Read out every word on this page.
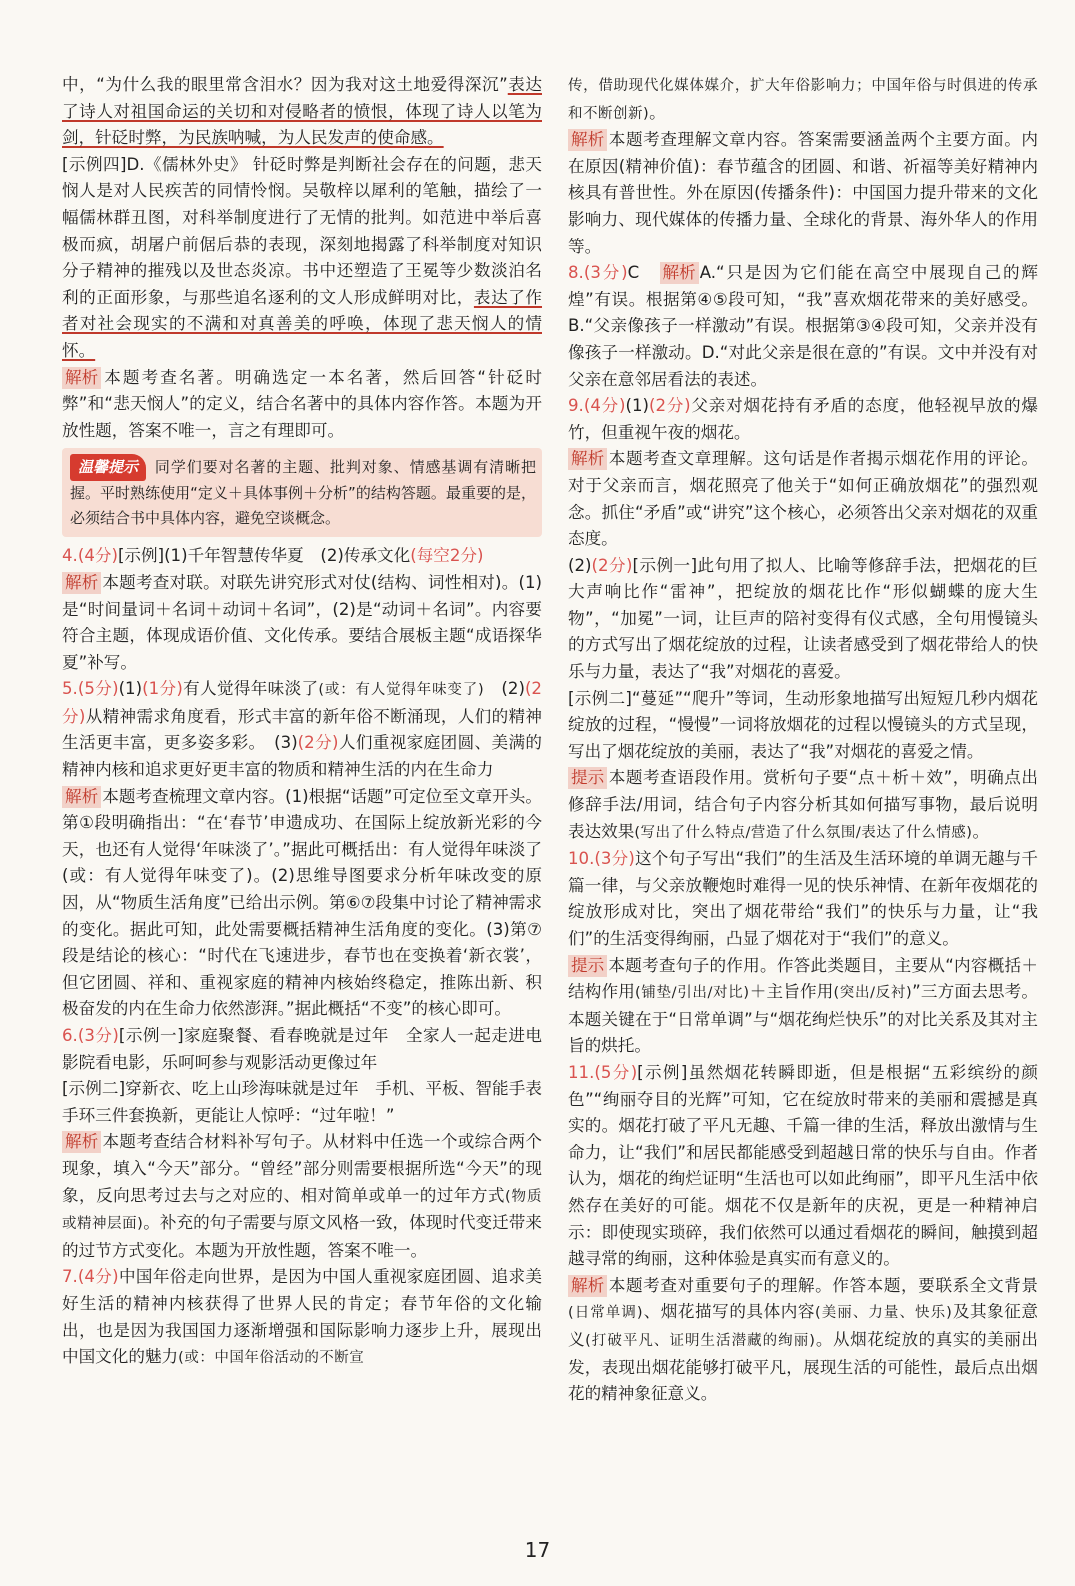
中，“为什么我的眼里常含泪水？因为我对这土地爱得深沉”表达了诗人对祖国命运的关切和对侵略者的愤恨，体现了诗人以笔为剑，针砭时弊，为民族呐喊，为人民发声的使命感。

[示例四]D.《儒林外史》 针砭时弊是判断社会存在的问题，悲天悯人是对人民疾苦的同情怜悯。吴敬梓以犀利的笔触，描绘了一幅儒林群丑图，对科举制度进行了无情的批判。如范进中举后喜极而疯，胡屠户前倨后恭的表现，深刻地揭露了科举制度对知识分子精神的摧残以及世态炎凉。书中还塑造了王冕等少数淡泊名利的正面形象，与那些追名逐利的文人形成鲜明对比，表达了作者对社会现实的不满和对真善美的呼唤，体现了悲天悯人的情怀。

解析 本题考查名著。明确选定一本名著，然后回答“针砭时弊”和“悲天悯人”的定义，结合名著中的具体内容作答。本题为开放性题，答案不唯一，言之有理即可。

温馨提示 同学们要对名著的主题、批判对象、情感基调有清晰把握。平时熟练使用“定义＋具体事例＋分析”的结构答题。最重要的是，必须结合书中具体内容，避免空谈概念。

4.(4分)[示例](1)千年智慧传华夏　(2)传承文化(每空2分)

解析 本题考查对联。对联先讲究形式对仗(结构、词性相对)。(1)是“时间量词＋名词＋动词＋名词”，(2)是“动词＋名词”。内容要符合主题，体现成语价值、文化传承。要结合展板主题“成语探华夏”补写。

5.(5分)(1)(1分)有人觉得年味淡了(或：有人觉得年味变了)　(2)(2分)从精神需求角度看，形式丰富的新年俗不断涌现，人们的精神生活更丰富，更多姿多彩。　(3)(2分)人们重视家庭团圆、美满的精神内核和追求更好更丰富的物质和精神生活的内在生命力

解析 本题考查梳理文章内容。(1)根据“话题”可定位至文章开头。第①段明确指出：“在‘春节’申遗成功、在国际上绽放新光彩的今天，也还有人觉得‘年味淡了’。”据此可概括出：有人觉得年味淡了(或：有人觉得年味变了)。(2)思维导图要求分析年味改变的原因，从“物质生活角度”已给出示例。第⑥⑦段集中讨论了精神需求的变化。据此可知，此处需要概括精神生活角度的变化。(3)第⑦段是结论的核心：“时代在飞速进步，春节也在变换着‘新衣裳’，但它团圆、祥和、重视家庭的精神内核始终稳定，推陈出新、积极奋发的内在生命力依然澎湃。”据此概括“不变”的核心即可。

6.(3分)[示例一]家庭聚餐、看春晚就是过年　全家人一起走进电影院看电影，乐呵呵参与观影活动更像过年

[示例二]穿新衣、吃上山珍海味就是过年　手机、平板、智能手表手环三件套换新，更能让人惊呼：“过年啦！”

解析 本题考查结合材料补写句子。从材料中任选一个或综合两个现象，填入“今天”部分。“曾经”部分则需要根据所选“今天”的现象，反向思考过去与之对应的、相对简单或单一的过年方式(物质或精神层面)。补充的句子需要与原文风格一致，体现时代变迁带来的过节方式变化。本题为开放性题，答案不唯一。

7.(4分)中国年俗走向世界，是因为中国人重视家庭团圆、追求美好生活的精神内核获得了世界人民的肯定；春节年俗的文化输出，也是因为我国国力逐渐增强和国际影响力逐步上升，展现出中国文化的魅力(或：中国年俗活动的不断宣

传，借助现代化媒体媒介，扩大年俗影响力；中国年俗与时俱进的传承和不断创新)。

解析 本题考查理解文章内容。答案需要涵盖两个主要方面。内在原因(精神价值)：春节蕴含的团圆、和谐、祈福等美好精神内核具有普世性。外在原因(传播条件)：中国国力提升带来的文化影响力、现代媒体的传播力量、全球化的背景、海外华人的作用等。

8.(3分)C　 解析 A.“只是因为它们能在高空中展现自己的辉煌”有误。根据第④⑤段可知，“我”喜欢烟花带来的美好感受。B.“父亲像孩子一样激动”有误。根据第③④段可知，父亲并没有像孩子一样激动。D.“对此父亲是很在意的”有误。文中并没有对父亲在意邻居看法的表述。

9.(4分)(1)(2分)父亲对烟花持有矛盾的态度，他轻视早放的爆竹，但重视午夜的烟花。

解析 本题考查文章理解。这句话是作者揭示烟花作用的评论。对于父亲而言，烟花照亮了他关于“如何正确放烟花”的强烈观念。抓住“矛盾”或“讲究”这个核心，必须答出父亲对烟花的双重态度。

(2)(2分)[示例一]此句用了拟人、比喻等修辞手法，把烟花的巨大声响比作“雷神”，把绽放的烟花比作“形似蝴蝶的庞大生物”，“加冕”一词，让巨声的陪衬变得有仪式感，全句用慢镜头的方式写出了烟花绽放的过程，让读者感受到了烟花带给人的快乐与力量，表达了“我”对烟花的喜爱。

[示例二]“蔓延”“爬升”等词，生动形象地描写出短短几秒内烟花绽放的过程，“慢慢”一词将放烟花的过程以慢镜头的方式呈现，写出了烟花绽放的美丽，表达了“我”对烟花的喜爱之情。

提示 本题考查语段作用。赏析句子要“点＋析＋效”，明确点出修辞手法/用词，结合句子内容分析其如何描写事物，最后说明表达效果(写出了什么特点/营造了什么氛围/表达了什么情感)。

10.(3分)这个句子写出“我们”的生活及生活环境的单调无趣与千篇一律，与父亲放鞭炮时难得一见的快乐神情、在新年夜烟花的绽放形成对比，突出了烟花带给“我们”的快乐与力量，让“我们”的生活变得绚丽，凸显了烟花对于“我们”的意义。

提示 本题考查句子的作用。作答此类题目，主要从“内容概括＋结构作用(铺垫/引出/对比)＋主旨作用(突出/反衬)”三方面去思考。本题关键在于“日常单调”与“烟花绚烂快乐”的对比关系及其对主旨的烘托。

11.(5分)[示例]虽然烟花转瞬即逝，但是根据“五彩缤纷的颜色”“绚丽夺目的光辉”可知，它在绽放时带来的美丽和震撼是真实的。烟花打破了平凡无趣、千篇一律的生活，释放出激情与生命力，让“我们”和居民都能感受到超越日常的快乐与自由。作者认为，烟花的绚烂证明“生活也可以如此绚丽”，即平凡生活中依然存在美好的可能。烟花不仅是新年的庆祝，更是一种精神启示：即使现实琐碎，我们依然可以通过看烟花的瞬间，触摸到超越寻常的绚丽，这种体验是真实而有意义的。

解析 本题考查对重要句子的理解。作答本题，要联系全文背景(日常单调)、烟花描写的具体内容(美丽、力量、快乐)及其象征意义(打破平凡、证明生活潜藏的绚丽)。从烟花绽放的真实的美丽出发，表现出烟花能够打破平凡，展现生活的可能性，最后点出烟花的精神象征意义。

17
